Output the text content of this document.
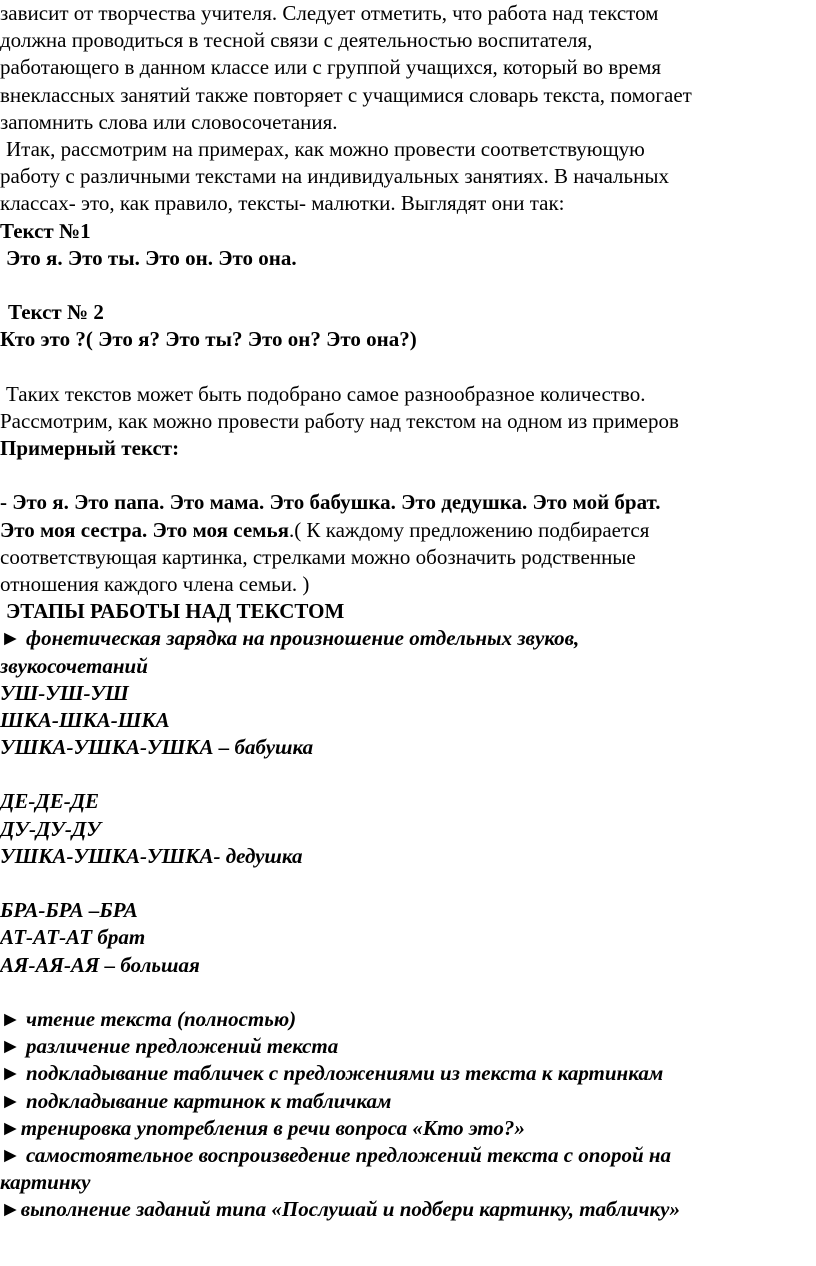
зависит от творчества учителя. Следует отметить, что работа над текстом
должна проводиться в тесной связи с деятельностью воспитателя,
работающего в данном классе или с группой учащихся, который во время
внеклассных занятий также повторяет с учащимися словарь текста, помогает
запомнить слова или словосочетания.
Итак, рассмотрим на примерах, как можно провести соответствующую
работу с различными текстами на индивидуальных занятиях. В начальных
классах- это, как правило, тексты- малютки. Выглядят они так:
Текст №1
Это я. Это ты. Это он. Это она.
Текст № 2
Кто это ?( Это я? Это ты? Это он? Это она?)
Таких текстов может быть подобрано самое разнообразное количество.
Рассмотрим, как можно провести работу над текстом на одном из примеров
Примерный текст:
- Это я. Это папа. Это мама. Это бабушка. Это дедушка. Это мой брат.
Это моя сестра. Это моя семья.( К каждому предложению подбирается
соответствующая картинка, стрелками можно обозначить родственные
отношения каждого члена семьи. )
ЭТАПЫ РАБОТЫ НАД ТЕКСТОМ
► фонетическая зарядка на произношение отдельных звуков,
звукосочетаний
УШ-УШ-УШ
ШКА-ШКА-ШКА
УШКА-УШКА-УШКА – бабушка
ДЕ-ДЕ-ДЕ
ДУ-ДУ-ДУ
УШКА-УШКА-УШКА- дедушка
БРА-БРА –БРА
АТ-АТ-АТ брат
АЯ-АЯ-АЯ – большая
► чтение текста (полностью)
► различение предложений текста
► подкладывание табличек с предложениями из текста к картинкам
► подкладывание картинок к табличкам
►тренировка употребления в речи вопроса «Кто это?»
► самостоятельное воспроизведение предложений текста с опорой на
картинку
►выполнение заданий типа «Послушай и подбери картинку, табличку»
